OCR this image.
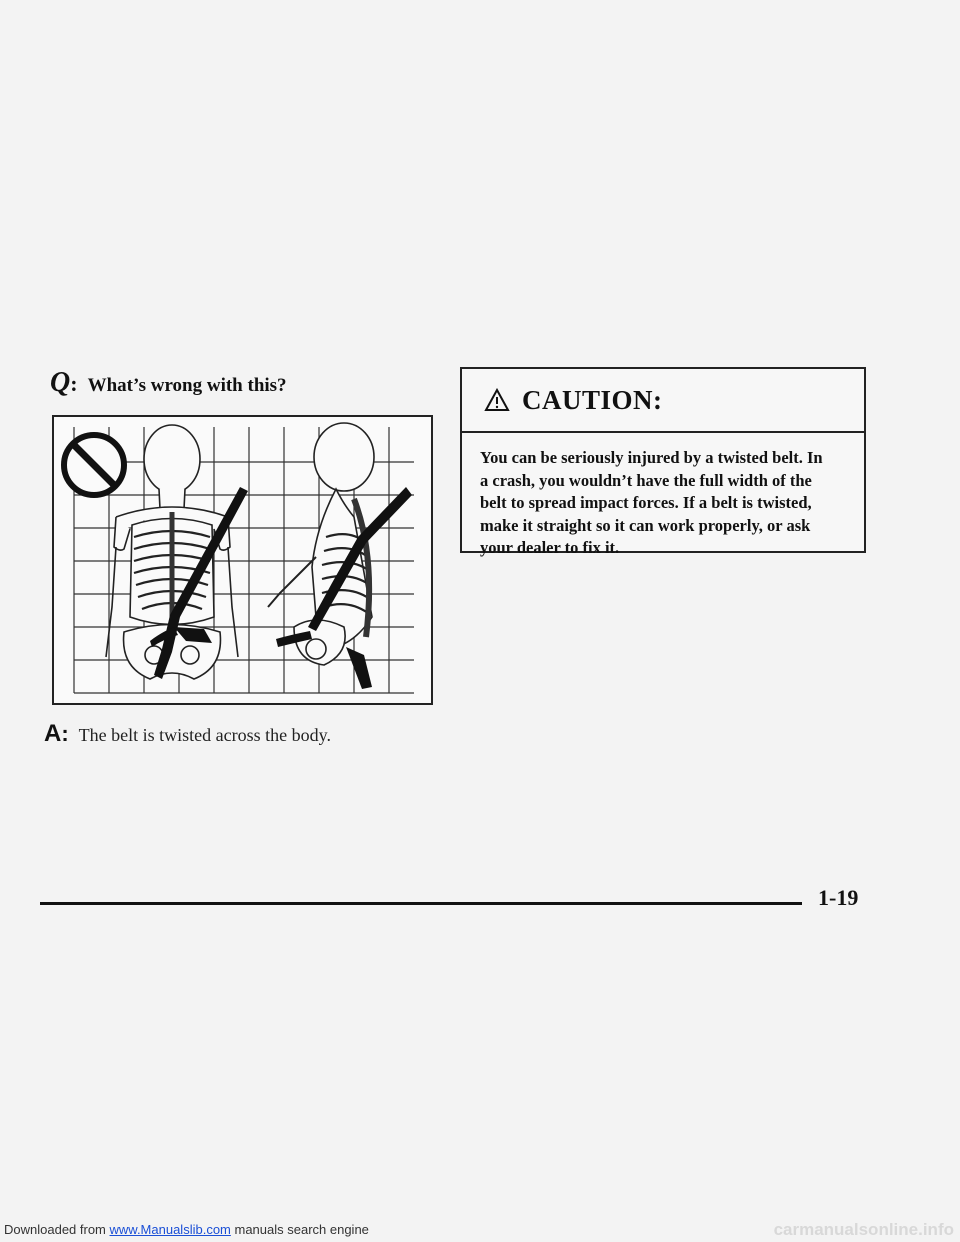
Q : What’s wrong with this?
A : The belt is twisted across the body.
CAUTION:
You can be seriously injured by a twisted belt. In
a crash, you wouldn’t have the full width of the
belt to spread impact forces. If a belt is twisted,
make it straight so it can work properly, or ask
your dealer to fix it.
1-19
Downloaded from www.Manualslib.com manuals search engine	carmanualsonline.info
